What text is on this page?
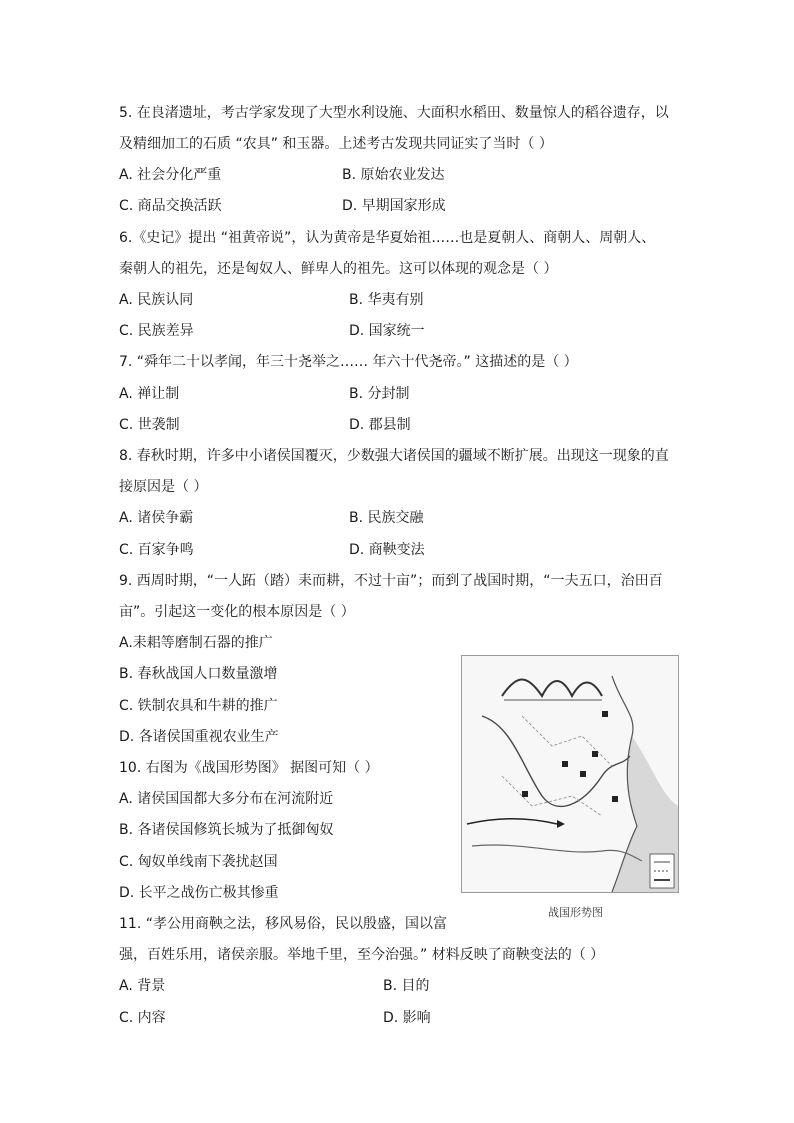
5. 在良渚遗址，考古学家发现了大型水利设施、大面积水稻田、数量惊人的稻谷遗存，以
及精细加工的石质 “农具” 和玉器。上述考古发现共同证实了当时（ ）
A. 社会分化严重	B. 原始农业发达
C. 商品交换活跃	D. 早期国家形成
6.《史记》提出 “祖黄帝说”，认为黄帝是华夏始祖……也是夏朝人、商朝人、周朝人、
秦朝人的祖先，还是匈奴人、鲜卑人的祖先。这可以体现的观念是（ ）
A. 民族认同	B. 华夷有别
C. 民族差异	D. 国家统一
7. “舜年二十以孝闻，年三十尧举之…… 年六十代尧帝。” 这描述的是（ ）
A. 禅让制	B. 分封制
C. 世袭制	D. 郡县制
8. 春秋时期，许多中小诸侯国覆灭，少数强大诸侯国的疆域不断扩展。出现这一现象的直
接原因是（ ）
A. 诸侯争霸	B. 民族交融
C. 百家争鸣	D. 商鞅变法
9. 西周时期，“一人跖（踏）耒而耕，不过十亩”；而到了战国时期，“一夫五口，治田百
亩”。引起这一变化的根本原因是（ ）
A.耒耜等磨制石器的推广
B. 春秋战国人口数量激增
C. 铁制农具和牛耕的推广
D. 各诸侯国重视农业生产
10. 右图为《战国形势图》 据图可知（ ）
A. 诸侯国国都大多分布在河流附近
B. 各诸侯国修筑长城为了抵御匈奴
C. 匈奴单线南下袭扰赵国
D. 长平之战伤亡极其惨重
11. “孝公用商鞅之法，移风易俗，民以殷盛，国以富
强，百姓乐用，诸侯亲服。举地千里，至今治强。” 材料反映了商鞅变法的（ ）
A. 背景	B. 目的
C. 内容	D. 影响
战国形势图
